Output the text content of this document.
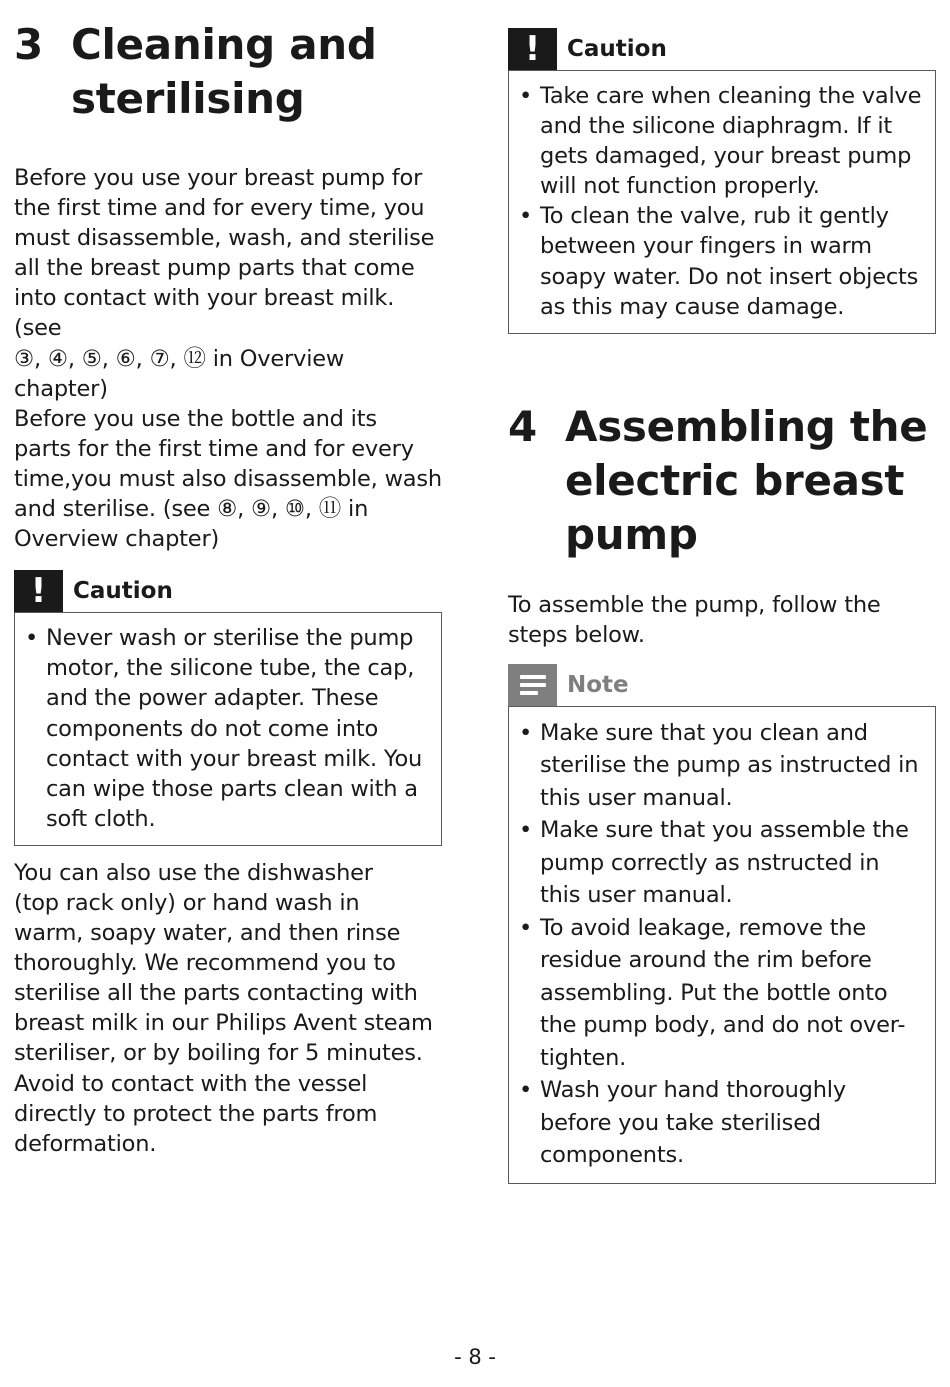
3 Cleaning and
sterilising

Before you use your breast pump for
the first time and for every time, you
must disassemble, wash, and sterilise
all the breast pump parts that come
into contact with your breast milk. (see
③, ④, ⑤, ⑥, ⑦, ⑫ in Overview
chapter)

Before you use the bottle and its
parts for the first time and for every
time,you must also disassemble, wash
and sterilise. (see ⑧, ⑨, ⑩, ⑪ in
Overview chapter)

!	Caution
• Never wash or sterilise the pump motor, the silicone tube, the cap, and the power adapter. These components do not come into contact with your breast milk. You can wipe those parts clean with a soft cloth.

You can also use the dishwasher
(top rack only) or hand wash in
warm, soapy water, and then rinse
thoroughly. We recommend you to
sterilise all the parts contacting with
breast milk in our Philips Avent steam
steriliser, or by boiling for 5 minutes.
Avoid to contact with the vessel
directly to protect the parts from
deformation.

!	Caution
• Take care when cleaning the valve and the silicone diaphragm. If it gets damaged, your breast pump will not function properly.
• To clean the valve, rub it gently between your fingers in warm soapy water. Do not insert objects as this may cause damage.
4 Assembling the
electric breast
pump

To assemble the pump, follow the
steps below.

Note
• Make sure that you clean and sterilise the pump as instructed in this user manual.
• Make sure that you assemble the pump correctly as nstructed in this user manual.
• To avoid leakage, remove the residue around the rim before assembling. Put the bottle onto the pump body, and do not over-tighten.
• Wash your hand thoroughly before you take sterilised components.
- 8 -
